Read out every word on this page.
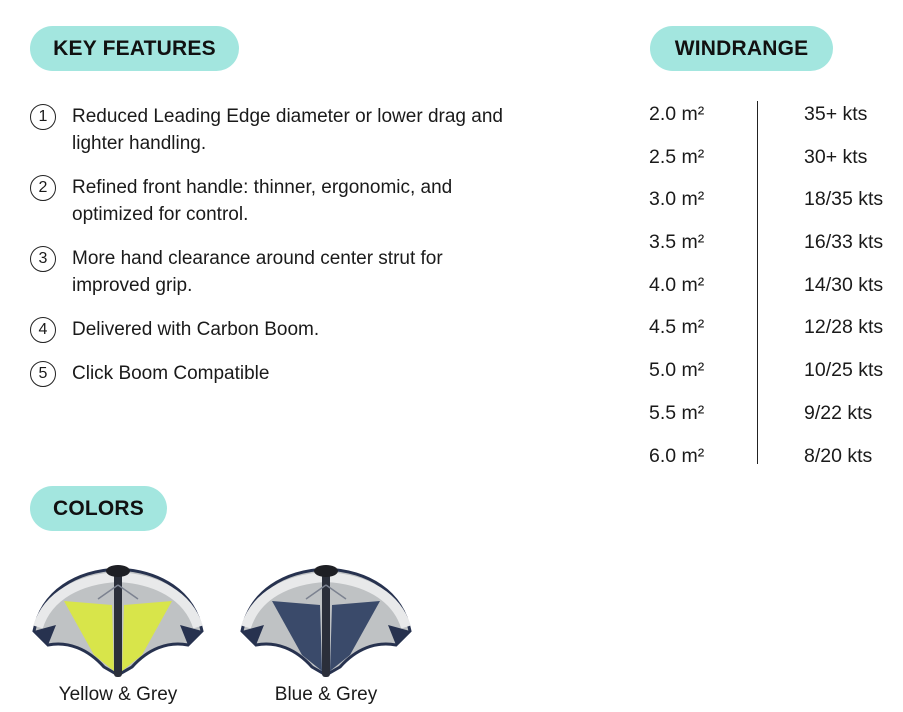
KEY FEATURES	WINDRANGE
COLORS
1	Reduced Leading Edge diameter or lower drag and lighter handling.
2	Refined front handle: thinner, ergonomic, and optimized for control.
3	More hand clearance around center strut for improved grip.
4	Delivered with Carbon Boom.
5	Click Boom Compatible
2.0 m²	35+ kts
2.5 m²	30+ kts
3.0 m²	18/35 kts
3.5 m²	16/33 kts
4.0 m²	14/30 kts
4.5 m²	12/28 kts
5.0 m²	10/25 kts
5.5 m²	9/22 kts
6.0 m²	8/20 kts
Yellow & Grey	Blue & Grey
